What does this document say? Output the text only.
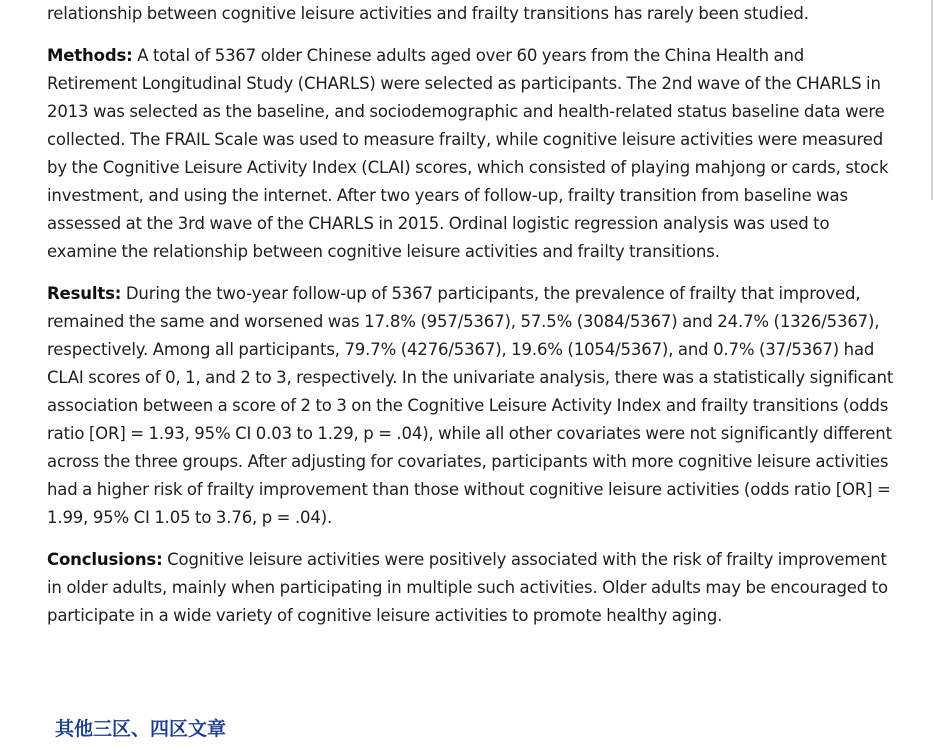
relationship between cognitive leisure activities and frailty transitions has rarely been studied.

Methods: A total of 5367 older Chinese adults aged over 60 years from the China Health and Retirement Longitudinal Study (CHARLS) were selected as participants. The 2nd wave of the CHARLS in 2013 was selected as the baseline, and sociodemographic and health-related status baseline data were collected. The FRAIL Scale was used to measure frailty, while cognitive leisure activities were measured by the Cognitive Leisure Activity Index (CLAI) scores, which consisted of playing mahjong or cards, stock investment, and using the internet. After two years of follow-up, frailty transition from baseline was assessed at the 3rd wave of the CHARLS in 2015. Ordinal logistic regression analysis was used to examine the relationship between cognitive leisure activities and frailty transitions.

Results: During the two-year follow-up of 5367 participants, the prevalence of frailty that improved, remained the same and worsened was 17.8% (957/5367), 57.5% (3084/5367) and 24.7% (1326/5367), respectively. Among all participants, 79.7% (4276/5367), 19.6% (1054/5367), and 0.7% (37/5367) had CLAI scores of 0, 1, and 2 to 3, respectively. In the univariate analysis, there was a statistically significant association between a score of 2 to 3 on the Cognitive Leisure Activity Index and frailty transitions (odds ratio [OR] = 1.93, 95% CI 0.03 to 1.29, p = .04), while all other covariates were not significantly different across the three groups. After adjusting for covariates, participants with more cognitive leisure activities had a higher risk of frailty improvement than those without cognitive leisure activities (odds ratio [OR] = 1.99, 95% CI 1.05 to 3.76, p = .04).

Conclusions: Cognitive leisure activities were positively associated with the risk of frailty improvement in older adults, mainly when participating in multiple such activities. Older adults may be encouraged to participate in a wide variety of cognitive leisure activities to promote healthy aging.

其他三区、四区文章
